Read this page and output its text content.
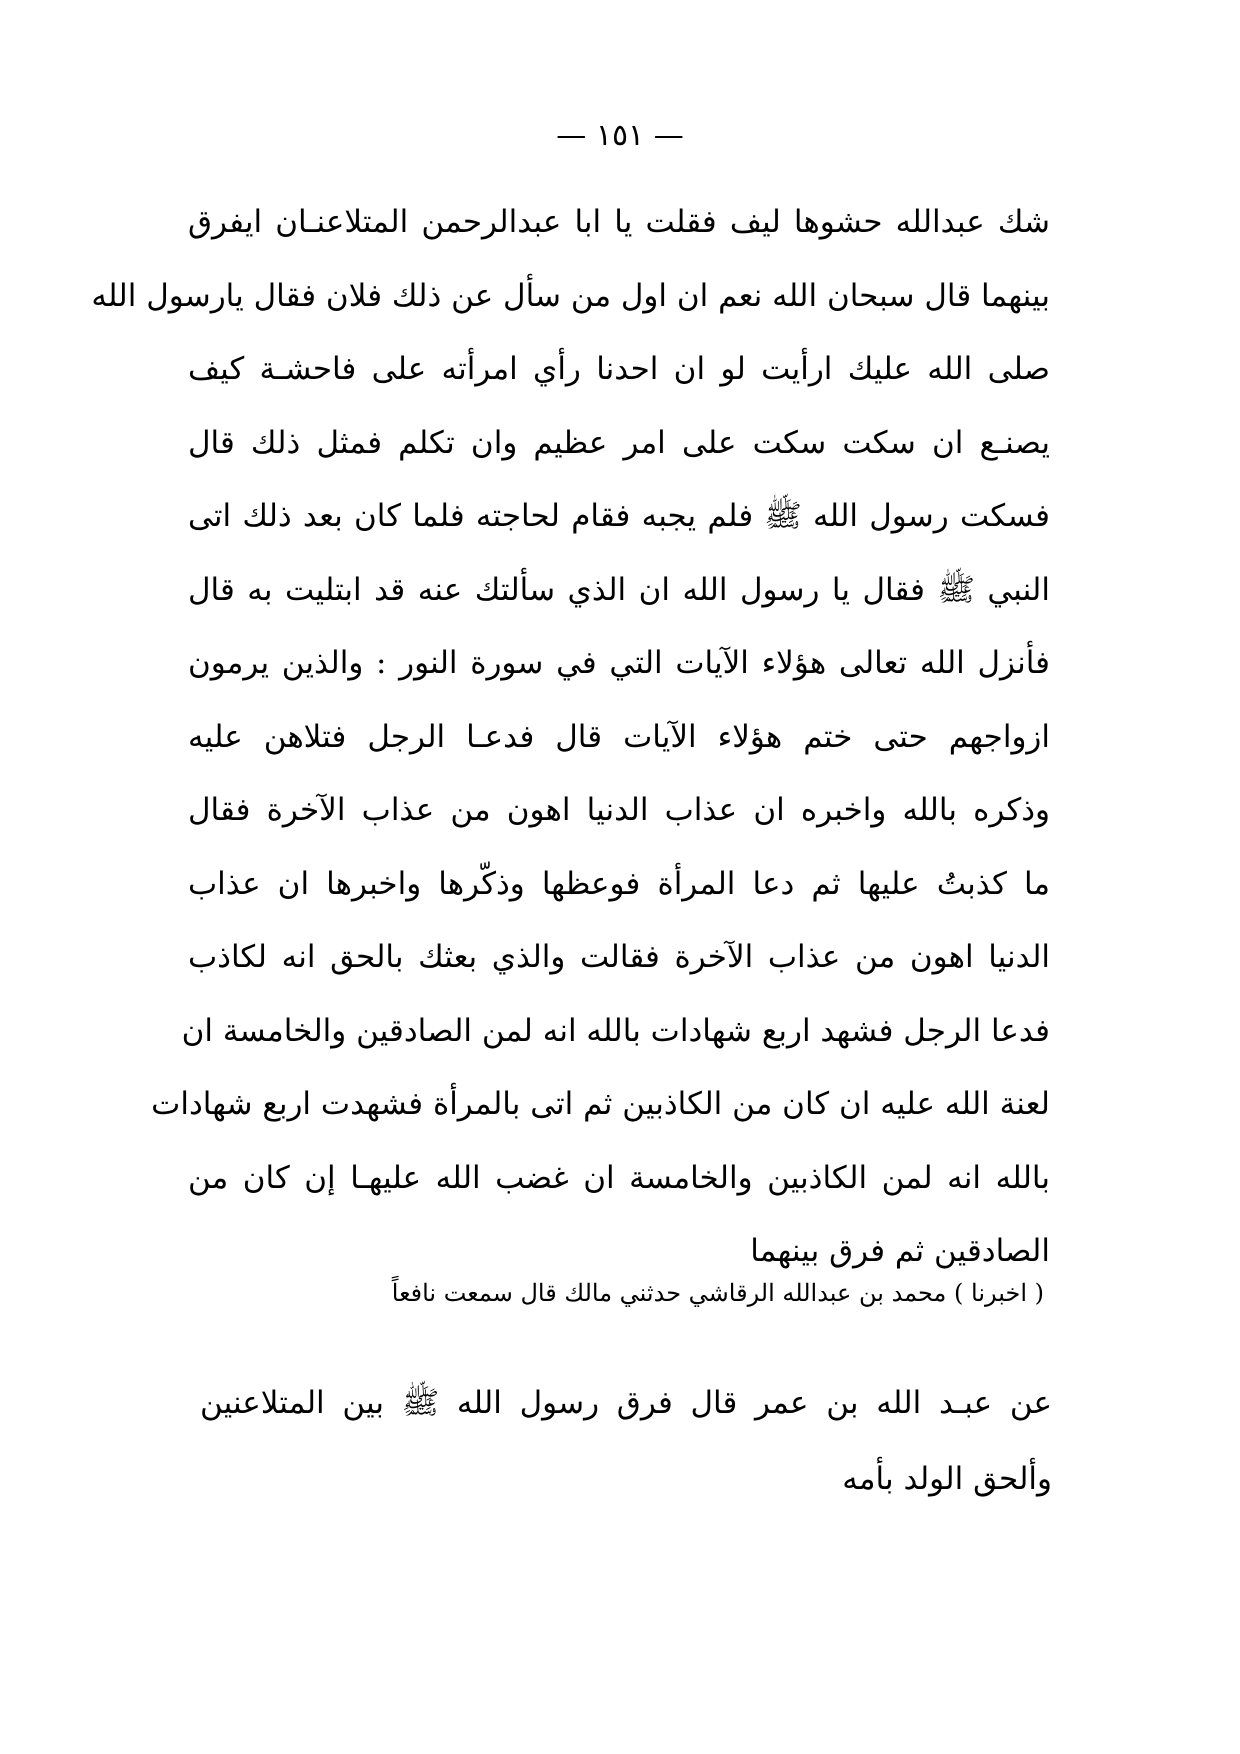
— ١٥١ —
شك عبدالله حشوها ليف فقلت يا ابا عبدالرحمن المتلاعنـان ايفرق
بينهما قال سبحان الله نعم ان اول من سأل عن ذلك فلان فقال يارسول الله
صلى الله عليك ارأيت لو ان احدنا رأي امرأته على فاحشـة كيف
يصنـع ان سكت سكت على امر عظيم وان تكلم فمثل ذلك قال
فسكت رسول الله ﷺ فلم يجبه فقام لحاجته فلما كان بعد ذلك اتى
النبي ﷺ فقال يا رسول الله ان الذي سألتك عنه قد ابتليت به قال
فأنزل الله تعالى هؤلاء الآيات التي في سورة النور : والذين يرمون
ازواجهم حتى ختم هؤلاء الآيات قال فدعـا الرجل فتلاهن عليه
وذكره بالله واخبره ان عذاب الدنيا اهون من عذاب الآخرة فقال
ما كذبتُ عليها ثم دعا المرأة فوعظها وذكّرها واخبرها ان عذاب
الدنيا اهون من عذاب الآخرة فقالت والذي بعثك بالحق انه لكاذب
فدعا الرجل فشهد اربع شهادات بالله انه لمن الصادقين والخامسة ان
لعنة الله عليه ان كان من الكاذبين ثم اتى بالمرأة فشهدت اربع شهادات
بالله انه لمن الكاذبين والخامسة ان غضب الله عليهـا إن كان من
الصادقين ثم فرق بينهما
( اخبرنا ) محمد بن عبدالله الرقاشي حدثني مالك قال سمعت نافعاً
عن عبـد الله بن عمر قال فرق رسول الله ﷺ بين المتلاعنين
وألحق الولد بأمه
